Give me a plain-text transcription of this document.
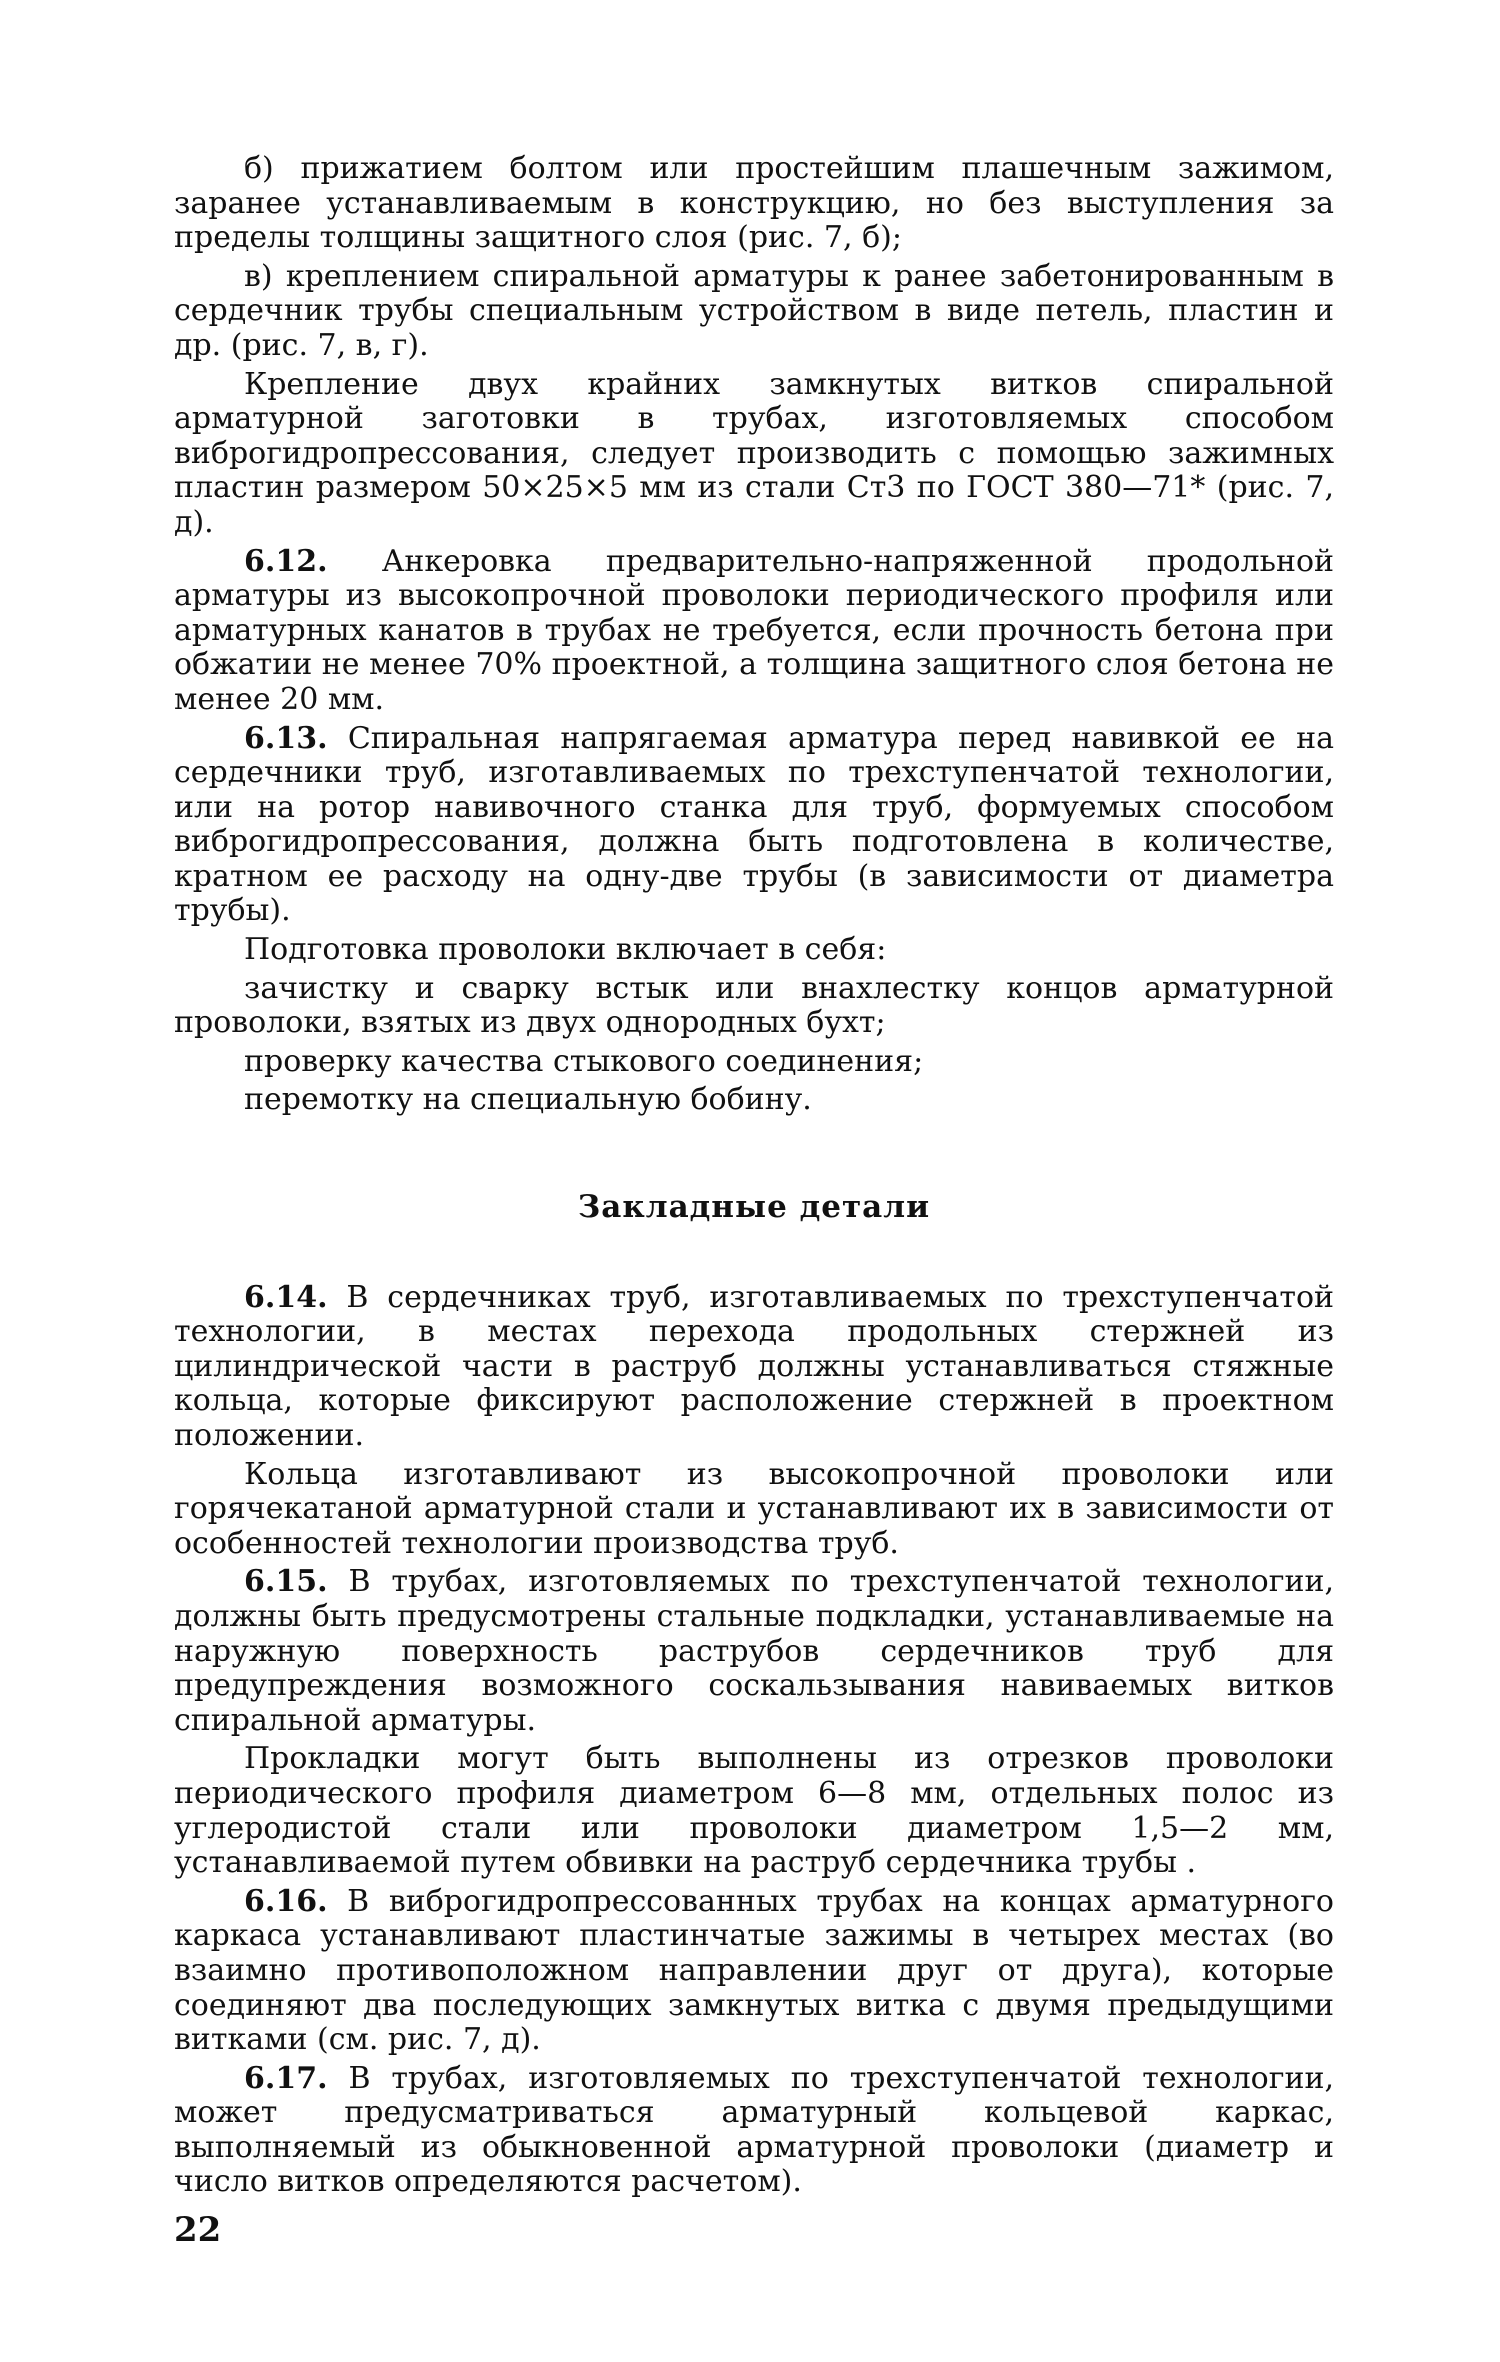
б) прижатием болтом или простейшим плашечным зажимом, заранее устанавливаемым в конструкцию, но без выступления за пределы толщины защитного слоя (рис. 7, б);

в) креплением спиральной арматуры к ранее забетонированным в сердечник трубы специальным устройством в виде петель, пластин и др. (рис. 7, в, г).

Крепление двух крайних замкнутых витков спиральной арматурной заготовки в трубах, изготовляемых способом виброгидропрессования, следует производить с помощью зажимных пластин размером 50×25×5 мм из стали Ст3 по ГОСТ 380—71* (рис. 7, д).

6.12. Анкеровка предварительно-напряженной продольной арматуры из высокопрочной проволоки периодического профиля или арматурных канатов в трубах не требуется, если прочность бетона при обжатии не менее 70% проектной, а толщина защитного слоя бетона не менее 20 мм.

6.13. Спиральная напрягаемая арматура перед навивкой ее на сердечники труб, изготавливаемых по трехступенчатой технологии, или на ротор навивочного станка для труб, формуемых способом виброгидропрессования, должна быть подготовлена в количестве, кратном ее расходу на одну-две трубы (в зависимости от диаметра трубы).

Подготовка проволоки включает в себя:

зачистку и сварку встык или внахлестку концов арматурной проволоки, взятых из двух однородных бухт;

проверку качества стыкового соединения;

перемотку на специальную бобину.

Закладные детали

6.14. В сердечниках труб, изготавливаемых по трехступенчатой технологии, в местах перехода продольных стержней из цилиндрической части в раструб должны устанавливаться стяжные кольца, которые фиксируют расположение стержней в проектном положении.

Кольца изготавливают из высокопрочной проволоки или горячекатаной арматурной стали и устанавливают их в зависимости от особенностей технологии производства труб.

6.15. В трубах, изготовляемых по трехступенчатой технологии, должны быть предусмотрены стальные подкладки, устанавливаемые на наружную поверхность раструбов сердечников труб для предупреждения возможного соскальзывания навиваемых витков спиральной арматуры.

Прокладки могут быть выполнены из отрезков проволоки периодического профиля диаметром 6—8 мм, отдельных полос из углеродистой стали или проволоки диаметром 1,5—2 мм, устанавливаемой путем обвивки на раструб сердечника трубы .

6.16. В виброгидропрессованных трубах на концах арматурного каркаса устанавливают пластинчатые зажимы в четырех местах (во взаимно противоположном направлении друг от друга), которые соединяют два последующих замкнутых витка с двумя предыдущими витками (см. рис. 7, д).

6.17. В трубах, изготовляемых по трехступенчатой технологии, может предусматриваться арматурный кольцевой каркас, выполняемый из обыкновенной арматурной проволоки (диаметр и число витков определяются расчетом).

22
